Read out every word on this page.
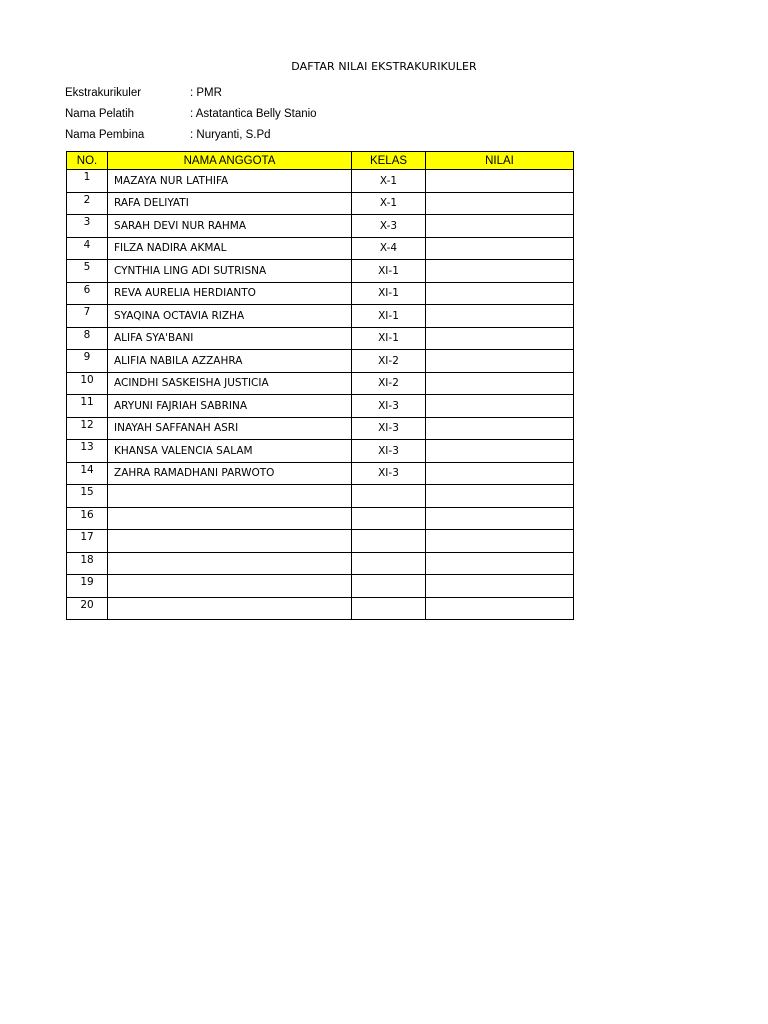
DAFTAR NILAI EKSTRAKURIKULER
Ekstrakurikuler	: PMR
Nama Pelatih	: Astatantica Belly Stanio
Nama Pembina	: Nuryanti, S.Pd
NO.	NAMA ANGGOTA	KELAS	NILAI
1	MAZAYA NUR LATHIFA	X-1	
2	RAFA DELIYATI	X-1	
3	SARAH DEVI NUR RAHMA	X-3	
4	FILZA NADIRA AKMAL	X-4	
5	CYNTHIA LING ADI SUTRISNA	XI-1	
6	REVA AURELIA HERDIANTO	XI-1	
7	SYAQINA OCTAVIA RIZHA	XI-1	
8	ALIFA SYA'BANI	XI-1	
9	ALIFIA NABILA AZZAHRA	XI-2	
10	ACINDHI SASKEISHA JUSTICIA	XI-2	
11	ARYUNI FAJRIAH SABRINA	XI-3	
12	INAYAH SAFFANAH ASRI	XI-3	
13	KHANSA VALENCIA SALAM	XI-3	
14	ZAHRA RAMADHANI PARWOTO	XI-3	
15			
16			
17			
18			
19			
20			
